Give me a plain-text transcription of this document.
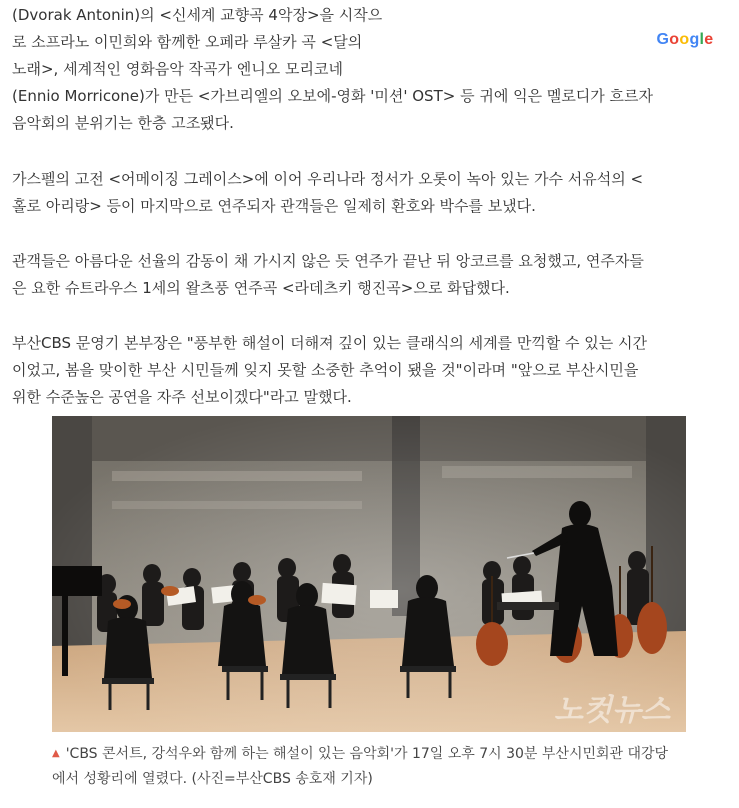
(Dvorak Antonin)의 <신세계 교향곡 4악장>을 시작으
로 소프라노 이민희와 함께한 오페라 루살카 곡 <달의
노래>, 세계적인 영화음악 작곡가 엔니오 모리코네
(Ennio Morricone)가 만든 <가브리엘의 오보에-영화 '미션' OST> 등 귀에 익은 멜로디가 흐르자
음악회의 분위기는 한층 고조됐다.

Google

가스펠의 고전 <어메이징 그레이스>에 이어 우리나라 정서가 오롯이 녹아 있는 가수 서유석의 <
홀로 아리랑> 등이 마지막으로 연주되자 관객들은 일제히 환호와 박수를 보냈다.

관객들은 아름다운 선율의 감동이 채 가시지 않은 듯 연주가 끝난 뒤 앙코르를 요청했고, 연주자들
은 요한 슈트라우스 1세의 왈츠풍 연주곡 <라데츠키 행진곡>으로 화답했다.

부산CBS 문영기 본부장은 "풍부한 해설이 더해져 깊이 있는 클래식의 세계를 만끽할 수 있는 시간
이었고, 봄을 맞이한 부산 시민들께 잊지 못할 소중한 추억이 됐을 것"이라며 "앞으로 부산시민을
위한 수준높은 공연을 자주 선보이겠다"라고 말했다.

노컷뉴스
▲ 'CBS 콘서트, 강석우와 함께 하는 해설이 있는 음악회'가 17일 오후 7시 30분 부산시민회관 대강당
에서 성황리에 열렸다. (사진=부산CBS 송호재 기자)
